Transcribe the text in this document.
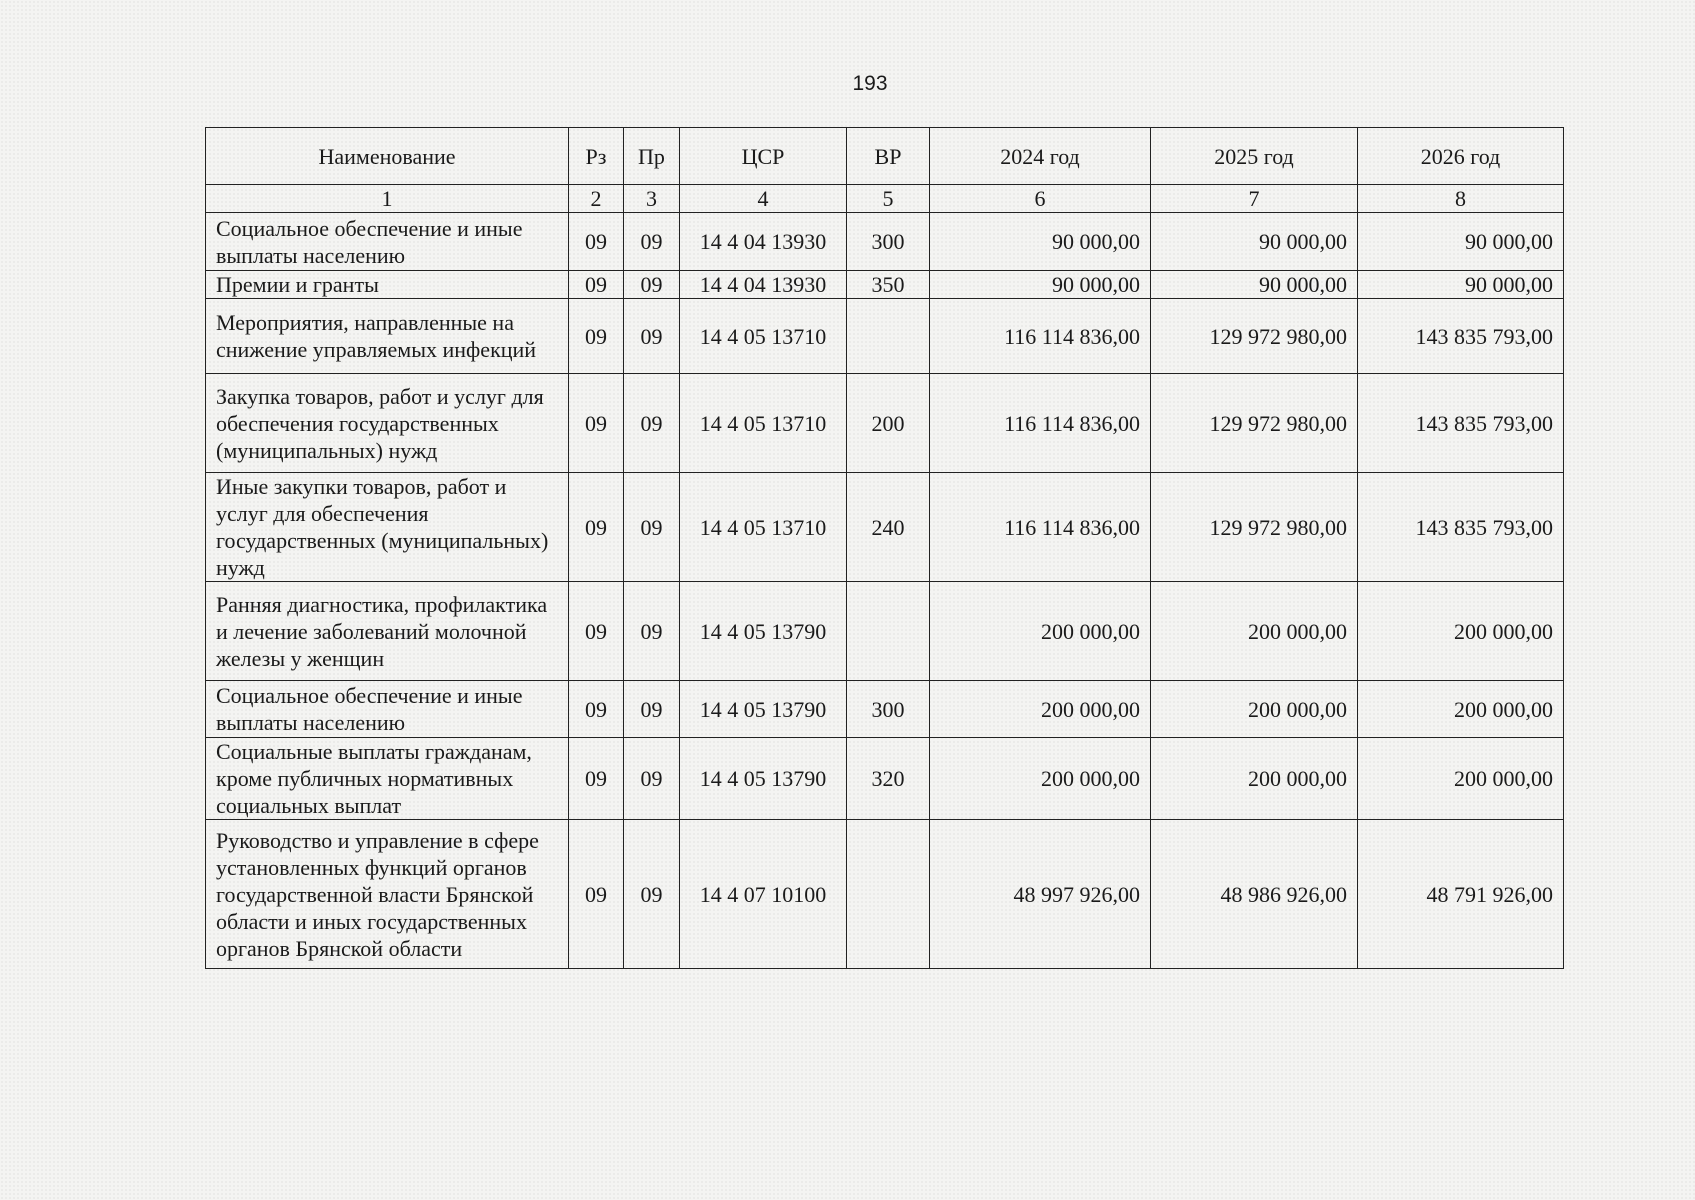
193
Наименование	Рз	Пр	ЦСР	ВР	2024 год	2025 год	2026 год
1	2	3	4	5	6	7	8
Социальное обеспечение и иные выплаты населению	09	09	14 4 04 13930	300	90 000,00	90 000,00	90 000,00
Премии и гранты	09	09	14 4 04 13930	350	90 000,00	90 000,00	90 000,00
Мероприятия, направленные на снижение управляемых инфекций	09	09	14 4 05 13710		116 114 836,00	129 972 980,00	143 835 793,00
Закупка товаров, работ и услуг для обеспечения государственных (муниципальных) нужд	09	09	14 4 05 13710	200	116 114 836,00	129 972 980,00	143 835 793,00
Иные закупки товаров, работ и услуг для обеспечения государственных (муниципальных) нужд	09	09	14 4 05 13710	240	116 114 836,00	129 972 980,00	143 835 793,00
Ранняя диагностика, профилактика и лечение заболеваний молочной железы у женщин	09	09	14 4 05 13790		200 000,00	200 000,00	200 000,00
Социальное обеспечение и иные выплаты населению	09	09	14 4 05 13790	300	200 000,00	200 000,00	200 000,00
Социальные выплаты гражданам, кроме публичных нормативных социальных выплат	09	09	14 4 05 13790	320	200 000,00	200 000,00	200 000,00
Руководство и управление в сфере установленных функций органов государственной власти Брянской области и иных государственных органов Брянской области	09	09	14 4 07 10100		48 997 926,00	48 986 926,00	48 791 926,00
